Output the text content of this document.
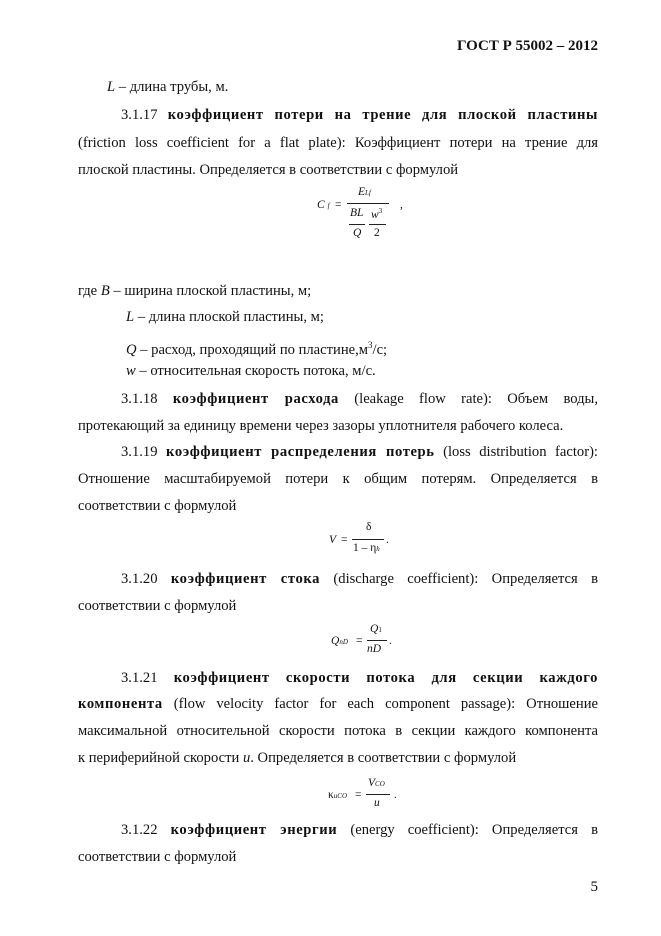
ГОСТ Р 55002 – 2012
L – длина трубы, м.
3.1.17 коэффициент потери на трение для плоской пластины
(friction loss coefficient for a flat plate): Коэффициент потери на трение для
плоской пластины. Определяется в соответствии с формулой
Cf =
ELf
BL $w^3$
Q 2
,
где B – ширина плоской пластины, м;
L – длина плоской пластины, м;
Q – расход, проходящий по $пластине,м^3/с$;
w – относительная скорость потока, м/с.
3.1.18 коэффициент расхода (leakage flow rate): Объем воды,
протекающий за единицу времени через зазоры уплотнителя рабочего колеса.
3.1.19 коэффициент распределения потерь (loss distribution factor):
Отношение масштабируемой потери к общим потерям. Определяется в
соответствии с формулой
V =
δ
1 – ηh
.
3.1.20 коэффициент стока (discharge coefficient): Определяется в
соответствии с формулой
QnD =
Q1
nD
.
3.1.21 коэффициент скорости потока для секции каждого
компонента (flow velocity factor for each component passage): Отношение
максимальной относительной скорости потока в секции каждого компонента
к периферийной скорости u. Определяется в соответствии с формулой
κuCO =
VCO
u
.
3.1.22 коэффициент энергии (energy coefficient): Определяется в
соответствии с формулой
5
